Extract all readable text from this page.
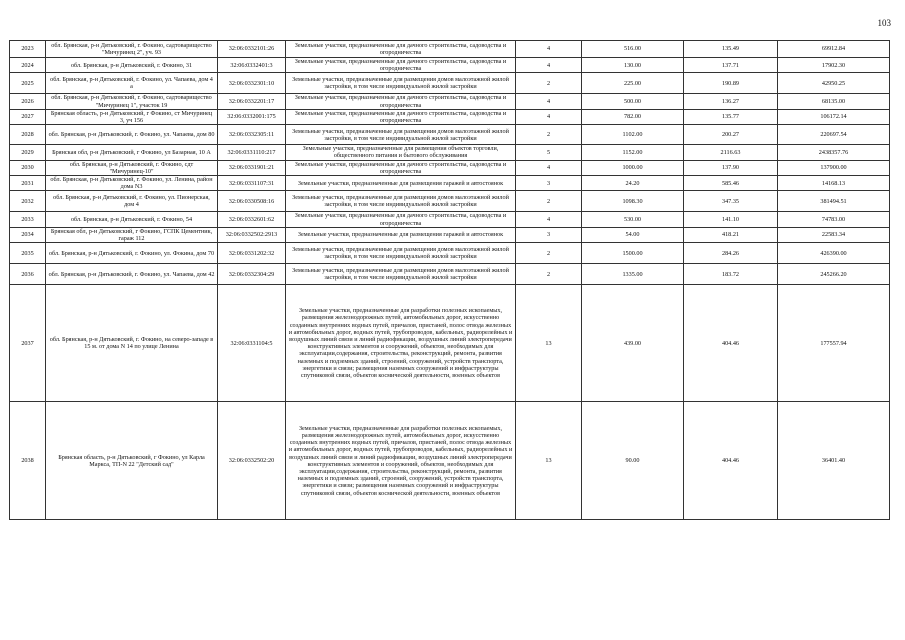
103
2023	обл. Брянская, р-н Дятьковский, г. Фокино, садтоварищество "Мичуринец 2", уч. 93	32:06:0332101:26	Земельные участки, предназначенные для дачного строительства, садоводства и огородничества	4	516.00	135.49	69912.84
2024	обл. Брянская, р-н Дятьковский, г. Фокино, 31	32:06:0332401:3	Земельные участки, предназначенные для дачного строительства, садоводства и огородничества	4	130.00	137.71	17902.30
2025	обл. Брянская, р-н Дятьковский, г. Фокино, ул. Чапаева, дом 4 а	32:06:0332301:10	Земельные участки, предназначенные для размещения домов малоэтажной жилой застройки, в том числе индивидуальной жилой застройки	2	225.00	190.89	42950.25
2026	обл. Брянская, р-н Дятьковский, г. Фокино, садтоварищество "Мичуринец 1", участок 19	32:06:0332201:17	Земельные участки, предназначенные для дачного строительства, садоводства и огородничества	4	500.00	136.27	68135.00
2027	Брянская область, р-н Дятьковский, г Фокино, ст Мичуринец 3, уч 156	32:06:0332001:175	Земельные участки, предназначенные для дачного строительства, садоводства и огородничества	4	782.00	135.77	106172.14
2028	обл. Брянская, р-н Дятьковский, г. Фокино, ул. Чапаева, дом 80	32:06:0332305:11	Земельные участки, предназначенные для размещения домов малоэтажной жилой застройки, в том числе индивидуальной жилой застройки	2	1102.00	200.27	220697.54
2029	Брянская обл, р-н Дятьковский, г Фокино, ул Базарная, 10 А	32:06:0331110:217	Земельные участки, предназначенные для размещения объектов торговли, общественного питания и бытового обслуживания	5	1152.00	2116.63	2438357.76
2030	обл. Брянская, р-н Дятьковский, г. Фокино, сдт "Мичуринец-10"	32:06:0331901:21	Земельные участки, предназначенные для дачного строительства, садоводства и огородничества	4	1000.00	137.90	137900.00
2031	обл. Брянская, р-н Дятьковский, г. Фокино, ул. Ленина, район дома N3	32:06:0331107:31	Земельные участки, предназначенные для размещения гаражей и автостоянок	3	24.20	585.46	14168.13
2032	обл. Брянская, р-н Дятьковский, г. Фокино, ул. Пионерская, дом 4	32:06:0330508:16	Земельные участки, предназначенные для размещения домов малоэтажной жилой застройки, в том числе индивидуальной жилой застройки	2	1098.30	347.35	381494.51
2033	обл. Брянская, р-н Дятьковский, г. Фокино, 54	32:06:0332601:62	Земельные участки, предназначенные для дачного строительства, садоводства и огородничества	4	530.00	141.10	74783.00
2034	Брянская обл, р-н Дятьковский, г Фокино, ГСПК Цементник, гараж 112	32:06:0332502:2913	Земельные участки, предназначенные для размещения гаражей и автостоянок	3	54.00	418.21	22583.34
2035	обл. Брянская, р-н Дятьковский, г. Фокино, ул. Фокина, дом 70	32:06:0331202:32	Земельные участки, предназначенные для размещения домов малоэтажной жилой застройки, в том числе индивидуальной жилой застройки	2	1500.00	284.26	426390.00
2036	обл. Брянская, р-н Дятьковский, г. Фокино, ул. Чапаева, дом 42	32:06:0332304:29	Земельные участки, предназначенные для размещения домов малоэтажной жилой застройки, в том числе индивидуальной жилой застройки	2	1335.00	183.72	245266.20
2037	обл. Брянская, р-н Дятьковский, г. Фокино, на северо-западе в 15 м. от дома N 14 по улице Ленина	32:06:0331104:5	Земельные участки, предназначенные для разработки полезных ископаемых, размещения железнодорожных путей, автомобильных дорог, искусственно созданных внутренних водных путей, причалов, пристаней, полос отвода железных и автомобильных дорог, водных путей, трубопроводов, кабельных, радиорелейных и воздушных линий связи и линий радиофикации, воздушных линий электропередачи конструктивных элементов и сооружений, объектов, необходимых для эксплуатации,содержания, строительства, реконструкций, ремонта, развития наземных и подземных зданий, строений, сооружений, устройств транспорта, энергетики и связи; размещения наземных сооружений и инфраструктуры спутниковой связи, объектов космической деятельности, военных объектов	13	439.00	404.46	177557.94
2038	Брянская область, р-н Дятьковский, г Фокино, ул Карла Маркса, ТП-N 22 "Детский сад"	32:06:0332502:20	Земельные участки, предназначенные для разработки полезных ископаемых, размещения железнодорожных путей, автомобильных дорог, искусственно созданных внутренних водных путей, причалов, пристаней, полос отвода железных и автомобильных дорог, водных путей, трубопроводов, кабельных, радиорелейных и воздушных линий связи и линий радиофикации, воздушных линий электропередачи конструктивных элементов и сооружений, объектов, необходимых для эксплуатации,содержания, строительства, реконструкций, ремонта, развития наземных и подземных зданий, строений, сооружений, устройств транспорта, энергетики и связи; размещения наземных сооружений и инфраструктуры спутниковой связи, объектов космической деятельности, военных объектов	13	90.00	404.46	36401.40
